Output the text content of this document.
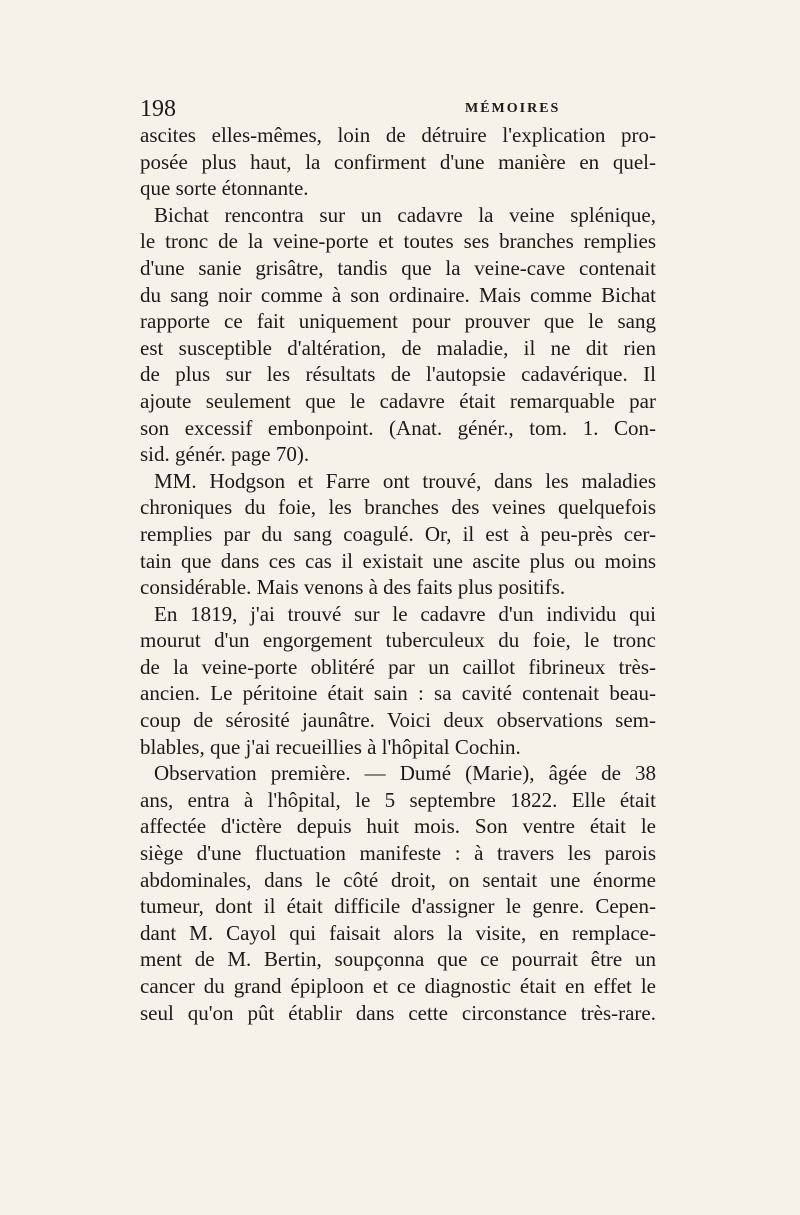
198	MÉMOIRES
ascites elles-mêmes, loin de détruire l'explication pro-
posée plus haut, la confirment d'une manière en quel-
que sorte étonnante.
Bichat rencontra sur un cadavre la veine splénique,
le tronc de la veine-porte et toutes ses branches remplies
d'une sanie grisâtre, tandis que la veine-cave contenait
du sang noir comme à son ordinaire. Mais comme Bichat
rapporte ce fait uniquement pour prouver que le sang
est susceptible d'altération, de maladie, il ne dit rien
de plus sur les résultats de l'autopsie cadavérique. Il
ajoute seulement que le cadavre était remarquable par
son excessif embonpoint. (Anat. génér., tom. 1. Con-
sid. génér. page 70).
MM. Hodgson et Farre ont trouvé, dans les maladies
chroniques du foie, les branches des veines quelquefois
remplies par du sang coagulé. Or, il est à peu-près cer-
tain que dans ces cas il existait une ascite plus ou moins
considérable. Mais venons à des faits plus positifs.
En 1819, j'ai trouvé sur le cadavre d'un individu qui
mourut d'un engorgement tuberculeux du foie, le tronc
de la veine-porte oblitéré par un caillot fibrineux très-
ancien. Le péritoine était sain : sa cavité contenait beau-
coup de sérosité jaunâtre. Voici deux observations sem-
blables, que j'ai recueillies à l'hôpital Cochin.
Observation première. — Dumé (Marie), âgée de 38
ans, entra à l'hôpital, le 5 septembre 1822. Elle était
affectée d'ictère depuis huit mois. Son ventre était le
siège d'une fluctuation manifeste : à travers les parois
abdominales, dans le côté droit, on sentait une énorme
tumeur, dont il était difficile d'assigner le genre. Cepen-
dant M. Cayol qui faisait alors la visite, en remplace-
ment de M. Bertin, soupçonna que ce pourrait être un
cancer du grand épiploon et ce diagnostic était en effet le
seul qu'on pût établir dans cette circonstance très-rare.
